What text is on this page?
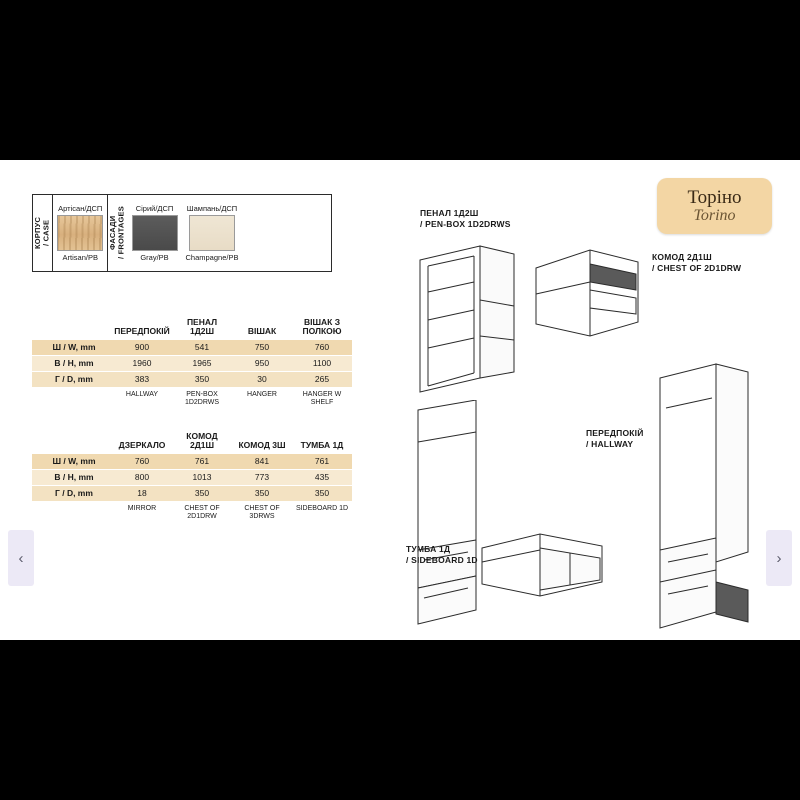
КОРПУС
/ CASE
Артісан/ДСП
Artisan/PB
ФАСАДИ
/ FRONTAGES Сірий/ДСП
Gray/PB
Шампань/ДСП
Champagne/PB
	ПЕРЕДПОКІЙ	ПЕНАЛ 1Д2Ш	ВІШАК	ВІШАК З ПОЛКОЮ
Ш / W, mm	900	541	750	760
В / H, mm	1960	1965	950	1100
Г / D, mm	383	350	30	265
	HALLWAY	PEN-BOX 1D2DRWS	HANGER	HANGER W SHELF
	ДЗЕРКАЛО	КОМОД 2Д1Ш	КОМОД 3Ш	ТУМБА 1Д
Ш / W, mm	760	761	841	761
В / H, mm	800	1013	773	435
Г / D, mm	18	350	350	350
	MIRROR	CHEST OF 2D1DRW	CHEST OF 3DRWS	SIDEBOARD 1D
Торіно
Torino
ПЕНАЛ 1Д2Ш
/ PEN-BOX 1D2DRWS
КОМОД 2Д1Ш
/ CHEST OF 2D1DRW
ПЕРЕДПОКІЙ
/ HALLWAY
ТУМБА 1Д
/ SIDEBOARD 1D
‹	›
